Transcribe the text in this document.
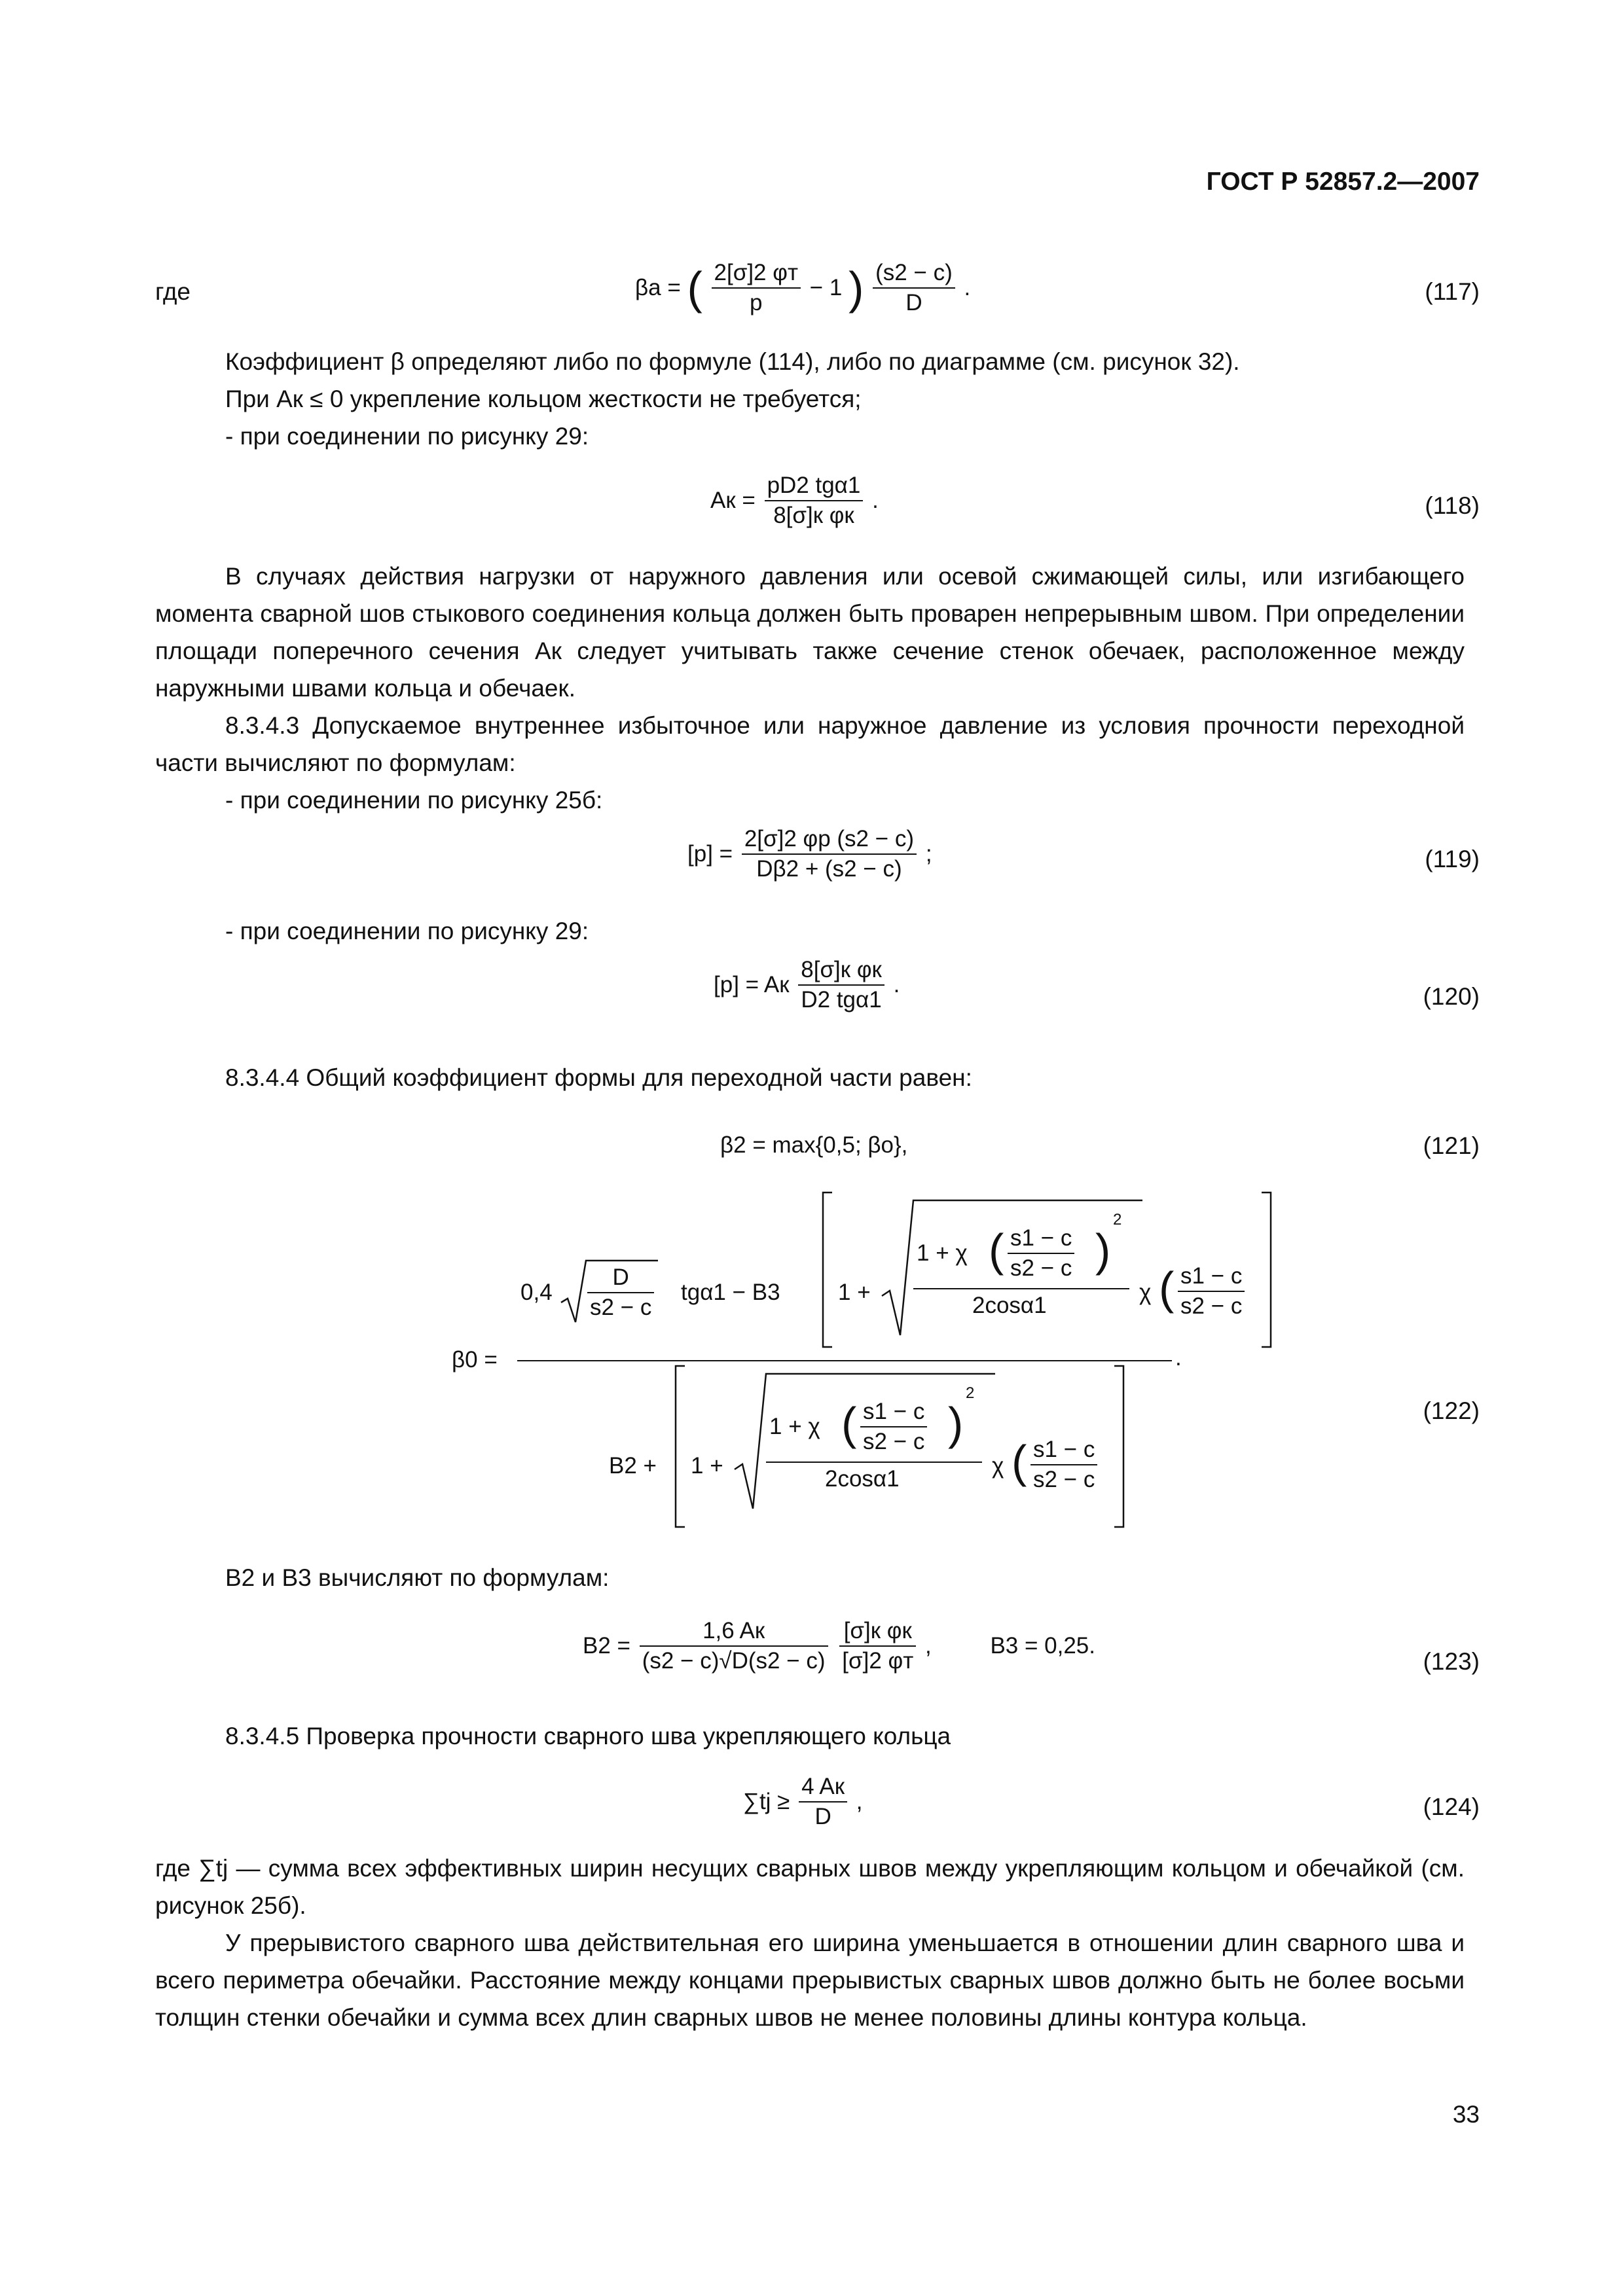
ГОСТ Р 52857.2—2007
где	βа = ( $\frac{2[\sigma]2 \varphi т}{p} - 1$ ) $\frac{(s2 - c)}{D}$ .	(117)
Коэффициент β определяют либо по формуле (114), либо по диаграмме (см. рисунок 32).
При Aк ≤ 0 укрепление кольцом жесткости не требуется;
- при соединении по рисунку 29:
Aк = $\frac{\text{pD2 tgα1}}{\text{8[σ]к φк}}$ .	(118)
В случаях действия нагрузки от наружного давления или осевой сжимающей силы, или изгибающего момента сварной шов стыкового соединения кольца должен быть проварен непрерывным швом. При определении площади поперечного сечения Aк следует учитывать также сечение стенок обечаек, расположенное между наружными швами кольца и обечаек.
8.3.4.3 Допускаемое внутреннее избыточное или наружное давление из условия прочности переходной части вычисляют по формулам:
- при соединении по рисунку 25б:
$[p] = \frac{2[\sigma]2 \varphi р (s2 - c)}{D\beta 2 + (s2 - c)}$ ;	(119)
- при соединении по рисунку 29:
[p] = Aк $\frac{\text{8[σ]к φк}}{\text{D2 tgα1}}$ .	(120)
8.3.4.4 Общий коэффициент формы для переходной части равен:
β2 = max{0,5; βо},	(121)
β0 =
$0,4 \frac{D}{s2 - c} tg\alpha 1 - B3$	1 +
1 + χ ( $\frac{s1 - c}{s2 - c}$ )
2
2cosα1
χ ( $\frac{s1 - c}{s2 - c}$
.
B2 + 1 +
1 + χ ( $\frac{s1 - c}{s2 - c}$ )
2
2cosα1
χ ( $\frac{s1 - c}{s2 - c}$
(122)
B2 и B3 вычисляют по формулам:
$B2 = \frac{1,6 Aк}{(s2 - c)√D(s2 - c)}$
$\frac{\text{[σ]к φк}}{[\sigma]2 \varphi т}$ ,	B3 = 0,25.
(123)
8.3.4.5 Проверка прочности сварного шва укрепляющего кольца
$\sum tj \ge \frac{4 Aк}{D}$ ,	(124)
где ∑tj — сумма всех эффективных ширин несущих сварных швов между укрепляющим кольцом и обечайкой (см. рисунок 25б).
У прерывистого сварного шва действительная его ширина уменьшается в отношении длин сварного шва и всего периметра обечайки. Расстояние между концами прерывистых сварных швов должно быть не более восьми толщин стенки обечайки и сумма всех длин сварных швов не менее половины длины контура кольца.
33
